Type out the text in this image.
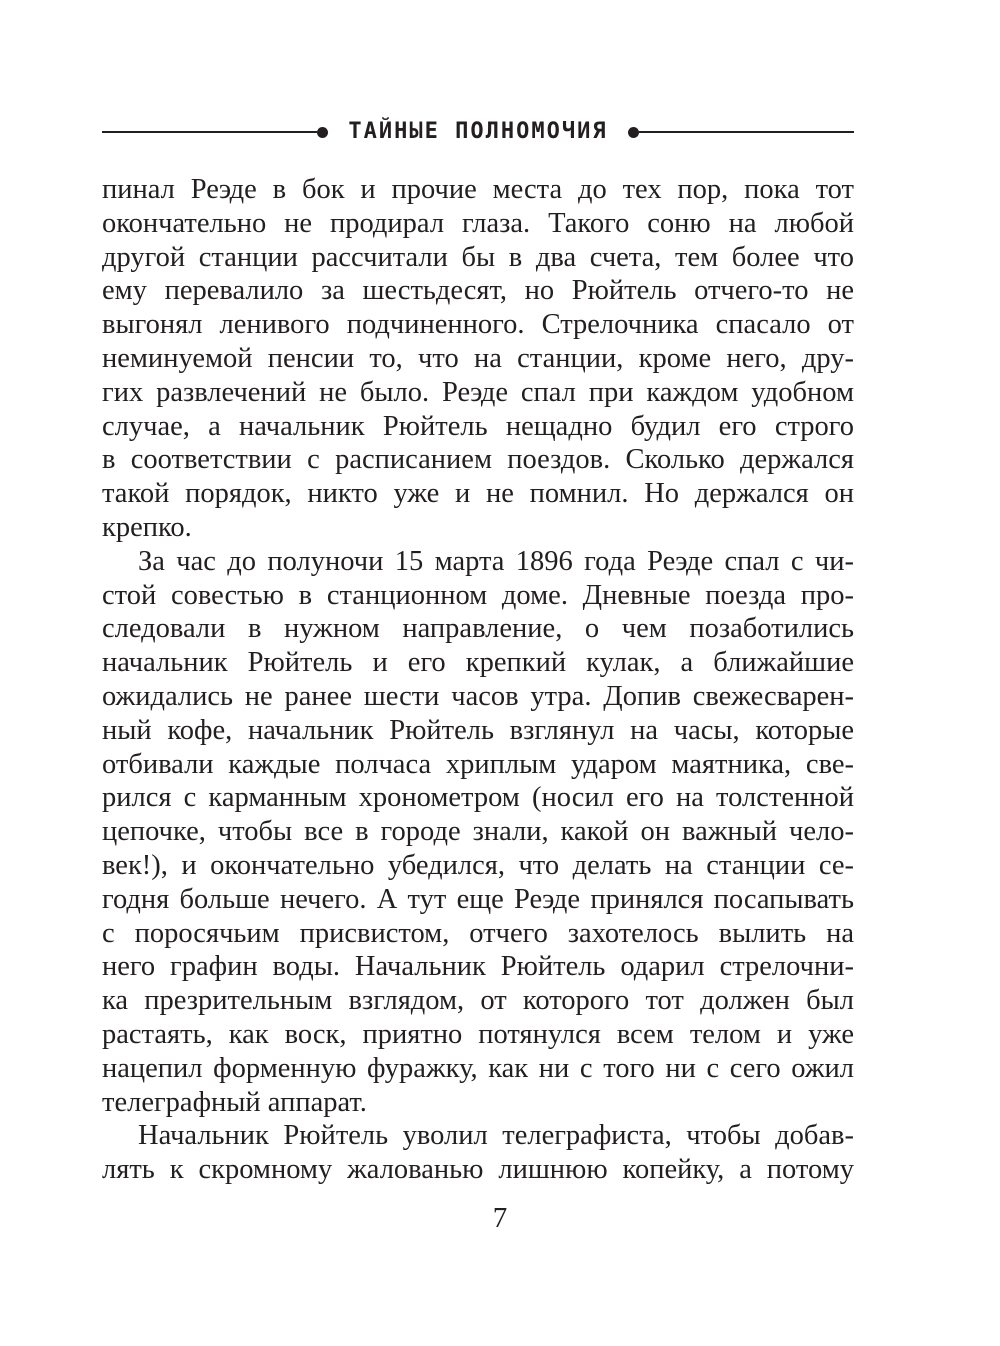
ТАЙНЫЕ ПОЛНОМОЧИЯ
пинал Реэде в бок и прочие места до тех пор, пока тот
окончательно не продирал глаза. Такого соню на любой
другой станции рассчитали бы в два счета, тем более что
ему перевалило за шестьдесят, но Рюйтель отчего-то не
выгонял ленивого подчиненного. Стрелочника спасало от
неминуемой пенсии то, что на станции, кроме него, дру-
гих развлечений не было. Реэде спал при каждом удобном
случае, а начальник Рюйтель нещадно будил его строго
в соответствии с расписанием поездов. Сколько держался
такой порядок, никто уже и не помнил. Но держался он
крепко.
За час до полуночи 15 марта 1896 года Реэде спал с чи-
стой совестью в станционном доме. Дневные поезда про-
следовали в нужном направление, о чем позаботились
начальник Рюйтель и его крепкий кулак, а ближайшие
ожидались не ранее шести часов утра. Допив свежесварен-
ный кофе, начальник Рюйтель взглянул на часы, которые
отбивали каждые полчаса хриплым ударом маятника, све-
рился с карманным хронометром (носил его на толстенной
цепочке, чтобы все в городе знали, какой он важный чело-
век!), и окончательно убедился, что делать на станции се-
годня больше нечего. А тут еще Реэде принялся посапывать
с поросячьим присвистом, отчего захотелось вылить на
него графин воды. Начальник Рюйтель одарил стрелочни-
ка презрительным взглядом, от которого тот должен был
растаять, как воск, приятно потянулся всем телом и уже
нацепил форменную фуражку, как ни с того ни с сего ожил
телеграфный аппарат.
Начальник Рюйтель уволил телеграфиста, чтобы добав-
лять к скромному жалованью лишнюю копейку, а потому
7
